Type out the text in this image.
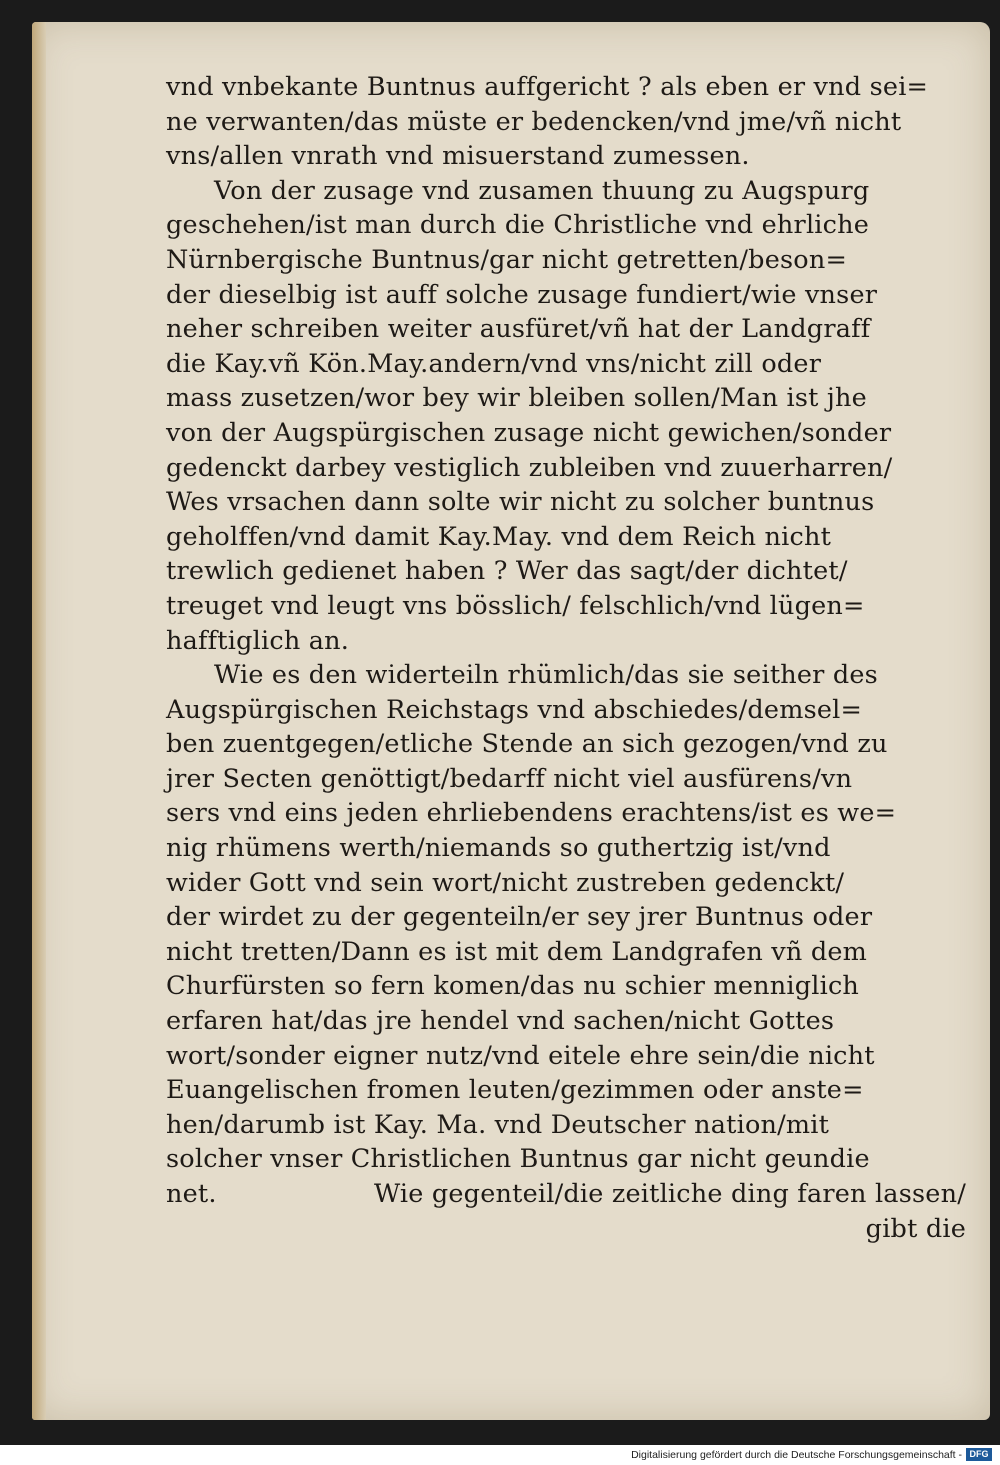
vnd vnbekante Buntnus auffgericht ? als eben er vnd sei=
ne verwanten/das müste er bedencken/vnd jme/vñ nicht
vns/allen vnrath vnd misuerstand zumessen.
Von der zusage vnd zusamen thuung zu Augspurg
geschehen/ist man durch die Christliche vnd ehrliche
Nürnbergische Buntnus/gar nicht getretten/beson=
der dieselbig ist auff solche zusage fundiert/wie vnser
neher schreiben weiter ausfüret/vñ hat der Landgraff
die Kay.vñ Kön.May.andern/vnd vns/nicht zill oder
mass zusetzen/wor bey wir bleiben sollen/Man ist jhe
von der Augspürgischen zusage nicht gewichen/sonder
gedenckt darbey vestiglich zubleiben vnd zuuerharren/
Wes vrsachen dann solte wir nicht zu solcher buntnus
geholffen/vnd damit Kay.May. vnd dem Reich nicht
trewlich gedienet haben ? Wer das sagt/der dichtet/
treuget vnd leugt vns bösslich/ felschlich/vnd lügen=
hafftiglich an.
Wie es den widerteiln rhümlich/das sie seither des
Augspürgischen Reichstags vnd abschiedes/demsel=
ben zuentgegen/etliche Stende an sich gezogen/vnd zu
jrer Secten genöttigt/bedarff nicht viel ausfürens/vn
sers vnd eins jeden ehrliebendens erachtens/ist es we=
nig rhümens werth/niemands so guthertzig ist/vnd
wider Gott vnd sein wort/nicht zustreben gedenckt/
der wirdet zu der gegenteiln/er sey jrer Buntnus oder
nicht tretten/Dann es ist mit dem Landgrafen vñ dem
Churfürsten so fern komen/das nu schier menniglich
erfaren hat/das jre hendel vnd sachen/nicht Gottes
wort/sonder eigner nutz/vnd eitele ehre sein/die nicht
Euangelischen fromen leuten/gezimmen oder anste=
hen/darumb ist Kay. Ma. vnd Deutscher nation/mit
solcher vnser Christlichen Buntnus gar nicht geundie
net.	Wie gegenteil/die zeitliche ding faren lassen/
gibt die
Digitalisierung gefördert durch die Deutsche Forschungsgemeinschaft - DFG
